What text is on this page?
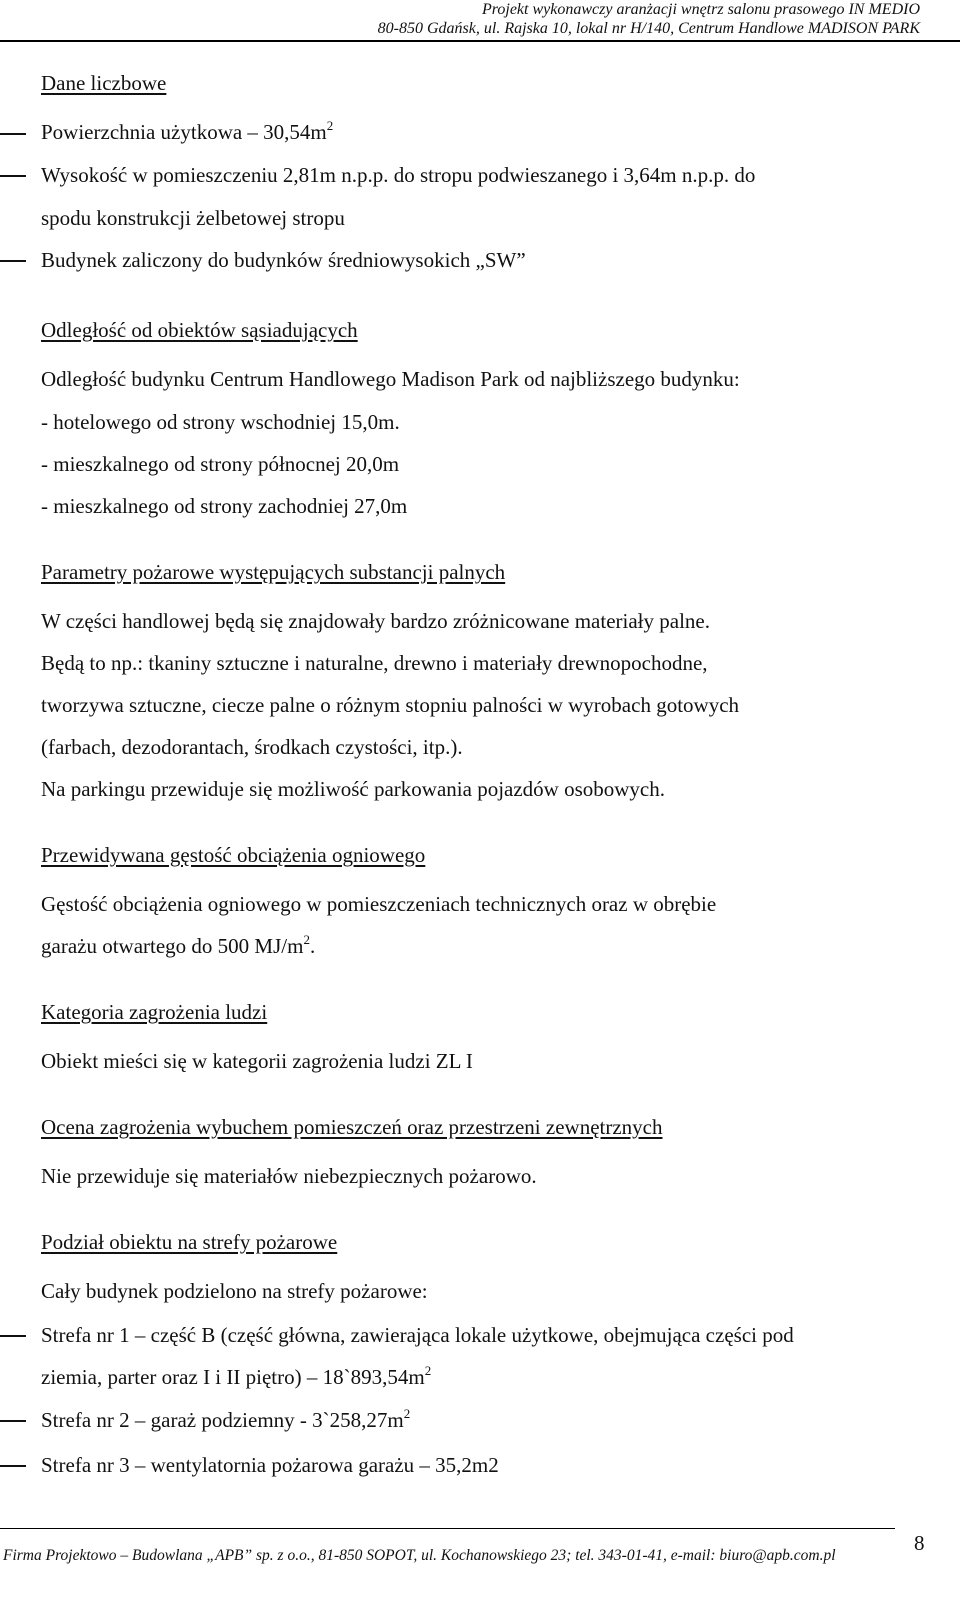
Projekt wykonawczy aranżacji wnętrz salonu prasowego IN MEDIO
80-850 Gdańsk, ul. Rajska 10, lokal nr H/140, Centrum Handlowe MADISON PARK
Dane liczbowe
Powierzchnia użytkowa – $30,54m^2$
Wysokość w pomieszczeniu 2,81m n.p.p. do stropu podwieszanego i 3,64m n.p.p. do
spodu konstrukcji żelbetowej stropu
Budynek zaliczony do budynków średniowysokich „SW”
Odległość od obiektów sąsiadujących
Odległość budynku Centrum Handlowego Madison Park od najbliższego budynku:
- hotelowego od strony wschodniej 15,0m.
- mieszkalnego od strony północnej 20,0m
- mieszkalnego od strony zachodniej 27,0m
Parametry pożarowe występujących substancji palnych
W części handlowej będą się znajdowały bardzo zróżnicowane materiały palne.
Będą to np.: tkaniny sztuczne i naturalne, drewno i materiały drewnopochodne,
tworzywa sztuczne, ciecze palne o różnym stopniu palności w wyrobach gotowych
(farbach, dezodorantach, środkach czystości, itp.).
Na parkingu przewiduje się możliwość parkowania pojazdów osobowych.
Przewidywana gęstość obciążenia ogniowego
Gęstość obciążenia ogniowego w pomieszczeniach technicznych oraz w obrębie
garażu otwartego do 500 $MJ/m^2$.
Kategoria zagrożenia ludzi
Obiekt mieści się w kategorii zagrożenia ludzi ZL I
Ocena zagrożenia wybuchem pomieszczeń oraz przestrzeni zewnętrznych
Nie przewiduje się materiałów niebezpiecznych pożarowo.
Podział obiektu na strefy pożarowe
Cały budynek podzielono na strefy pożarowe:
Strefa nr 1 – część B (część główna, zawierająca lokale użytkowe, obejmująca części pod
ziemia, parter oraz I i II piętro) – $18`893,54m^2$
Strefa nr 2 – garaż podziemny - $3`258,27m^2$
Strefa nr 3 – wentylatornia pożarowa garażu – 35,2m2
8
Firma Projektowo – Budowlana „APB” sp. z o.o., 81-850 SOPOT, ul. Kochanowskiego 23; tel. 343-01-41, e-mail: biuro@apb.com.pl
